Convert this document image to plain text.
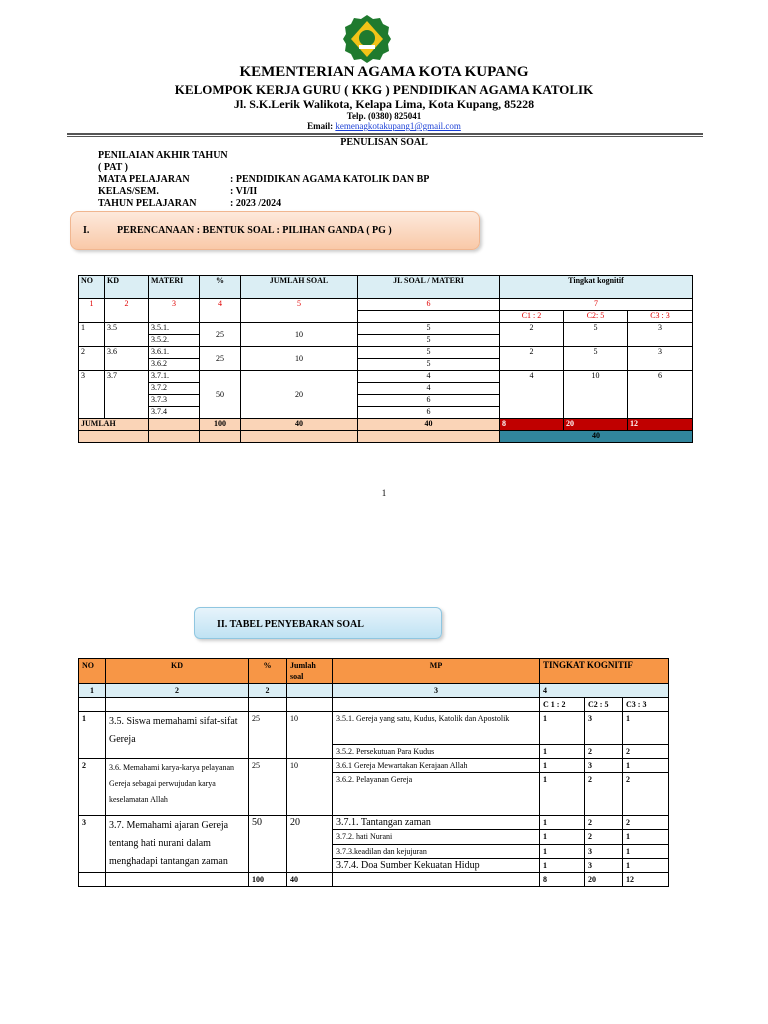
KEMENTERIAN AGAMA KOTA KUPANG
KELOMPOK KERJA GURU ( KKG ) PENDIDIKAN AGAMA KATOLIK
Jl. S.K.Lerik Walikota, Kelapa Lima, Kota Kupang, 85228
Telp. (0380) 825041
Email: kemenagkotakupang1@gmail.com
PENULISAN SOAL
PENILAIAN AKHIR TAHUN ( PAT )
MATA PELAJARAN	: PENDIDIKAN AGAMA KATOLIK DAN BP
KELAS/SEM.	: VI/II
TAHUN PELAJARAN	: 2023 /2024
I.	PERENCANAAN : BENTUK SOAL : PILIHAN GANDA ( PG )
NO	KD	MATERI	%	JUMLAH SOAL	JL SOAL / MATERI	Tingkat kognitif		
1	2	3	4	5	6	7		
						C1 : 2	C2: 5	C3 : 3
1	3.5	3.5.1.	25	10	5	2	5	3
		3.5.2.			5			
2	3.6	3.6.1.	25	10	5	2	5	3
		3.6.2			5			
3	3.7	3.7.1.	50	20	4	4	10	6
		3.7.2			4			
		3.7.3			6			
		3.7.4			6			
JUMLAH			100	40	40	8	20	12
						40		
1
II. TABEL PENYEBARAN SOAL
NO	KD	%	Jumlah soal	MP	TINGKAT KOGNITIF		
1	2	2		3	4		
					C 1 : 2	C2 : 5	C3 : 3
1	3.5. Siswa memahami sifat-sifat Gereja	25	10	3.5.1. Gereja yang satu, Kudus, Katolik dan Apostolik	1	3	1
				3.5.2. Persekutuan Para Kudus	1	2	2
2	3.6. Memahami karya-karya pelayanan Gereja sebagai perwujudan karya keselamatan Allah	25	10	3.6.1 Gereja Mewartakan Kerajaan Allah	1	3	1
				3.6.2. Pelayanan Gereja	1	2	2
3	3.7. Memahami ajaran Gereja tentang hati nurani dalam menghadapi tantangan zaman	50	20	3.7.1. Tantangan zaman	1	2	2
				3.7.2. hati Nurani	1	2	1
				3.7.3.keadilan dan kejujuran	1	3	1
				3.7.4. Doa Sumber Kekuatan Hidup	1	3	1
		100	40		8	20	12
